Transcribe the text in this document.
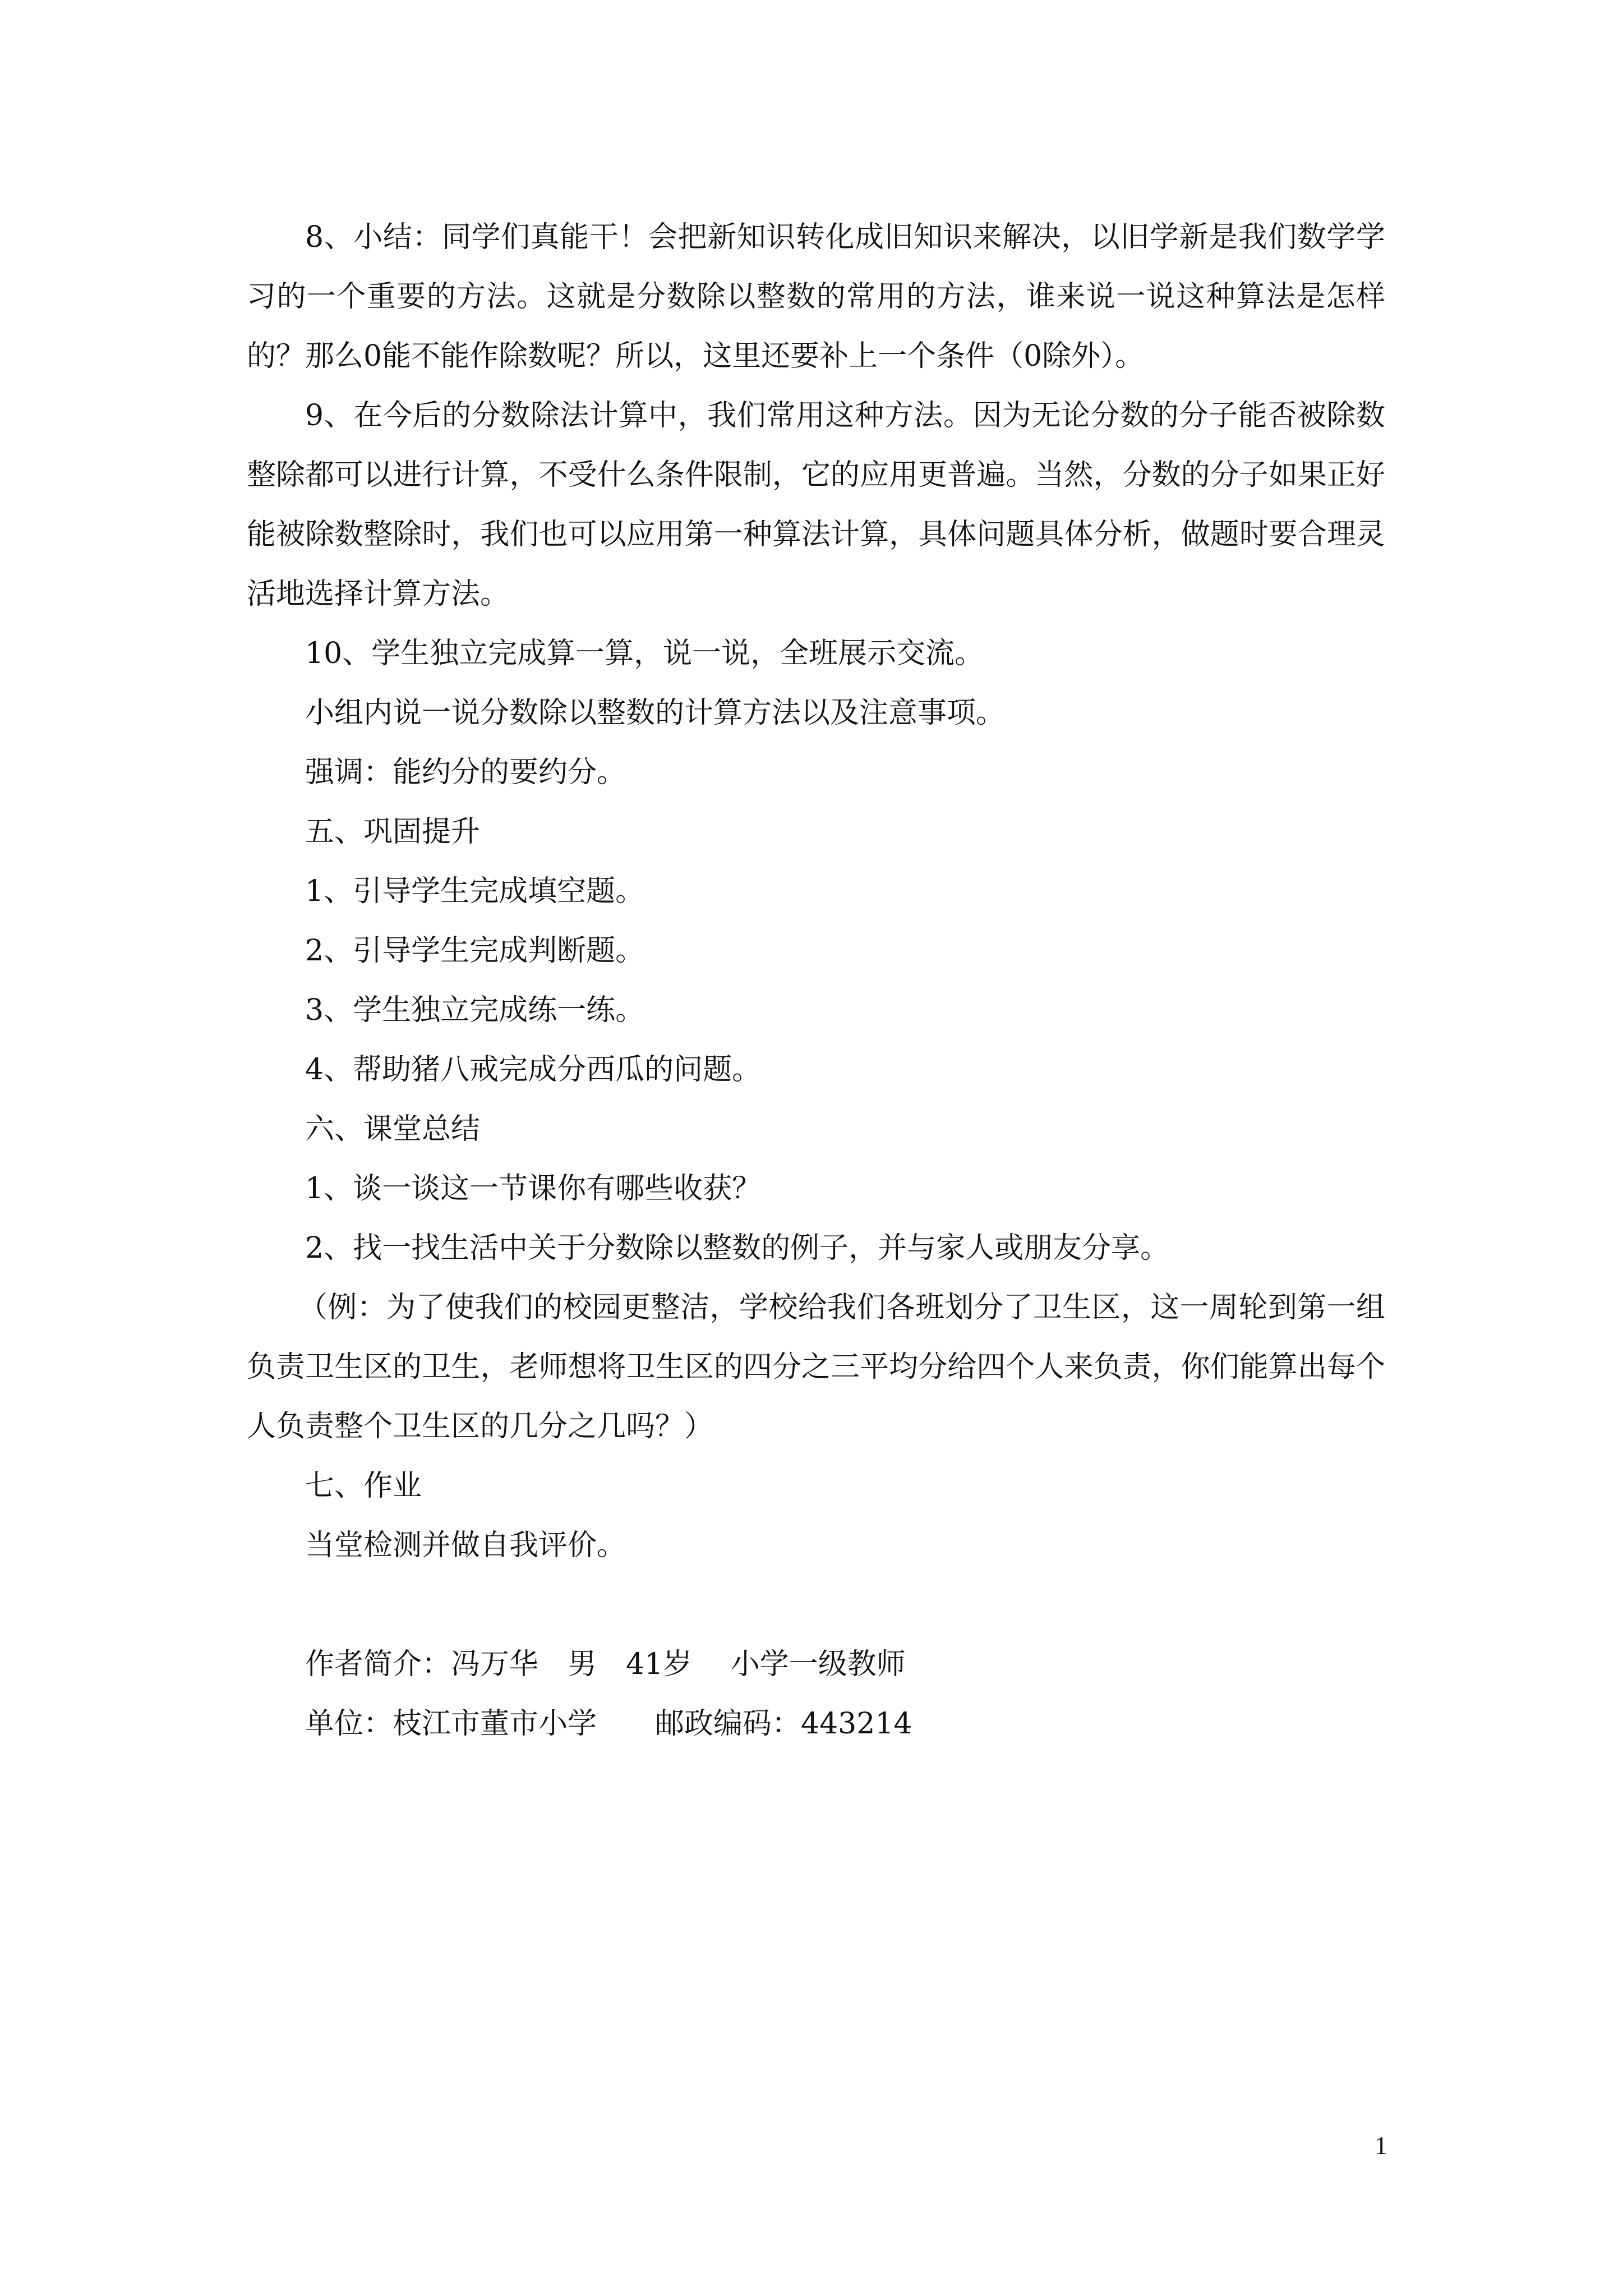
8、小结：同学们真能干！会把新知识转化成旧知识来解决，以旧学新是我们数学学习的一个重要的方法。这就是分数除以整数的常用的方法，谁来说一说这种算法是怎样的？那么0能不能作除数呢？所以，这里还要补上一个条件（0除外）。

9、在今后的分数除法计算中，我们常用这种方法。因为无论分数的分子能否被除数整除都可以进行计算，不受什么条件限制，它的应用更普遍。当然，分数的分子如果正好能被除数整除时，我们也可以应用第一种算法计算，具体问题具体分析，做题时要合理灵活地选择计算方法。

10、学生独立完成算一算，说一说，全班展示交流。

小组内说一说分数除以整数的计算方法以及注意事项。

强调：能约分的要约分。

五、巩固提升

1、引导学生完成填空题。

2、引导学生完成判断题。

3、学生独立完成练一练。

4、帮助猪八戒完成分西瓜的问题。

六、课堂总结

1、谈一谈这一节课你有哪些收获？

2、找一找生活中关于分数除以整数的例子，并与家人或朋友分享。

（例：为了使我们的校园更整洁，学校给我们各班划分了卫生区，这一周轮到第一组负责卫生区的卫生，老师想将卫生区的四分之三平均分给四个人来负责，你们能算出每个人负责整个卫生区的几分之几吗？）

七、作业

当堂检测并做自我评价。

作者简介：冯万华　男　41岁　 小学一级教师

单位：枝江市董市小学　　邮政编码：443214

1
